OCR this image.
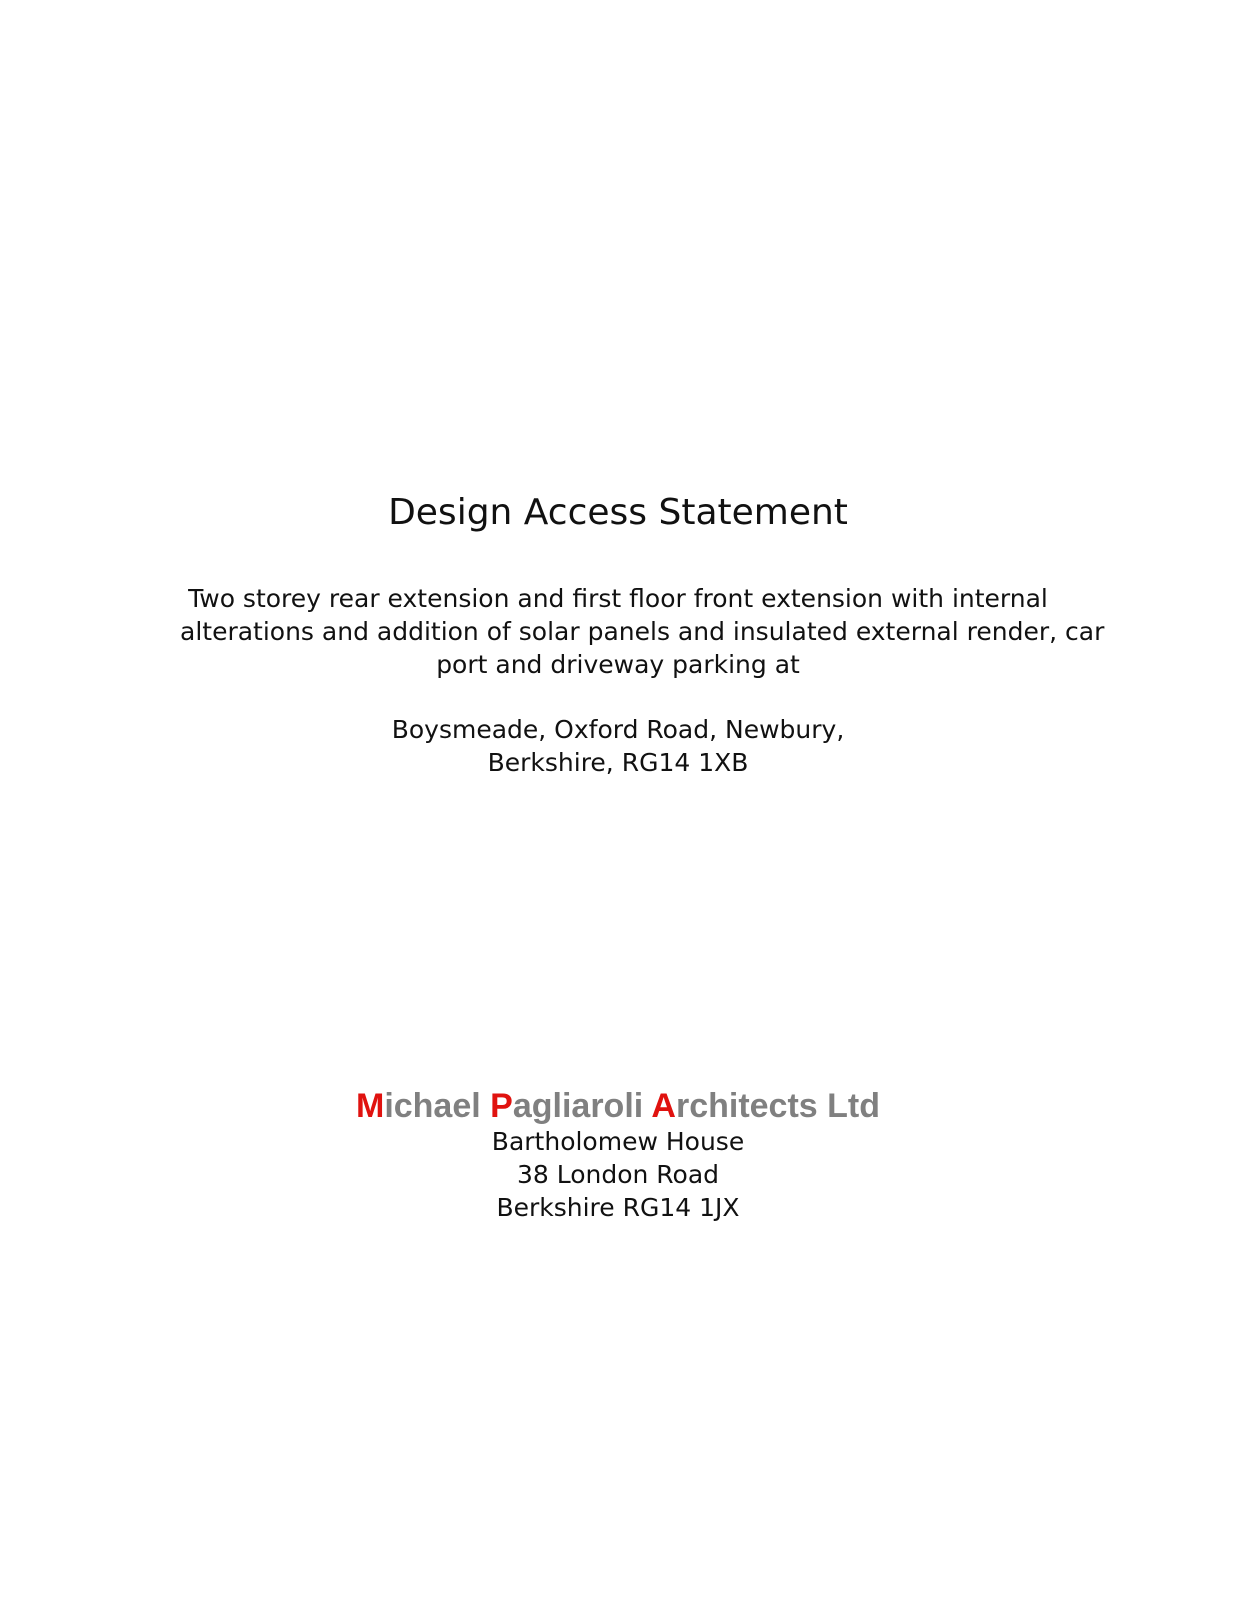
Design Access Statement
Two storey rear extension and first floor front extension with internal
alterations and addition of solar panels and insulated external render, car
port and driveway parking at
Boysmeade, Oxford Road, Newbury,
Berkshire, RG14 1XB
Michael Pagliaroli Architects Ltd
Bartholomew House
38 London Road
Berkshire RG14 1JX
